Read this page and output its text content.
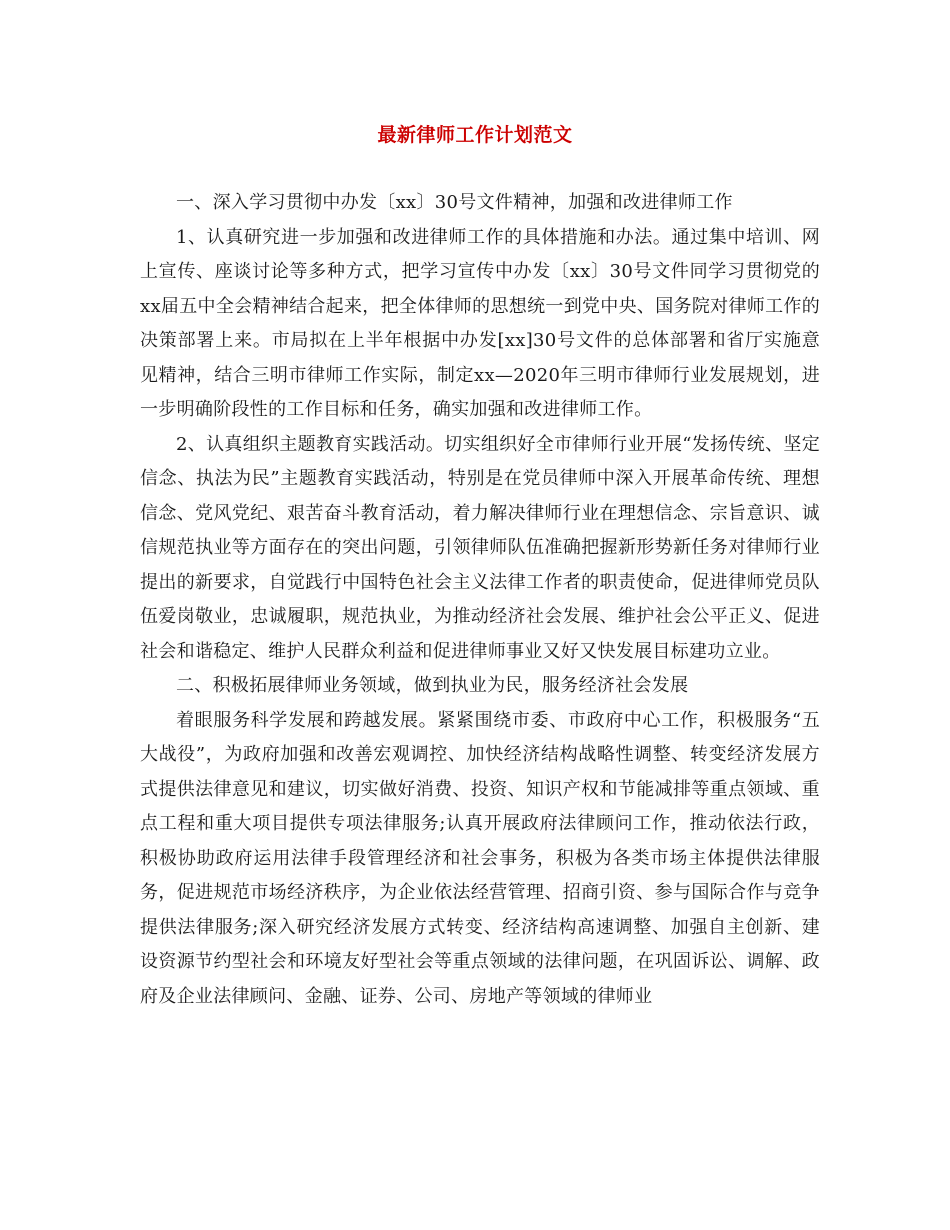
最新律师工作计划范文

一、深入学习贯彻中办发〔xx〕30号文件精神，加强和改进律师工作

1、认真研究进一步加强和改进律师工作的具体措施和办法。通过集中培训、网上宣传、座谈讨论等多种方式，把学习宣传中办发〔xx〕30号文件同学习贯彻党的xx届五中全会精神结合起来，把全体律师的思想统一到党中央、国务院对律师工作的决策部署上来。市局拟在上半年根据中办发[xx]30号文件的总体部署和省厅实施意见精神，结合三明市律师工作实际，制定xx—2020年三明市律师行业发展规划，进一步明确阶段性的工作目标和任务，确实加强和改进律师工作。

2、认真组织主题教育实践活动。切实组织好全市律师行业开展“发扬传统、坚定信念、执法为民”主题教育实践活动，特别是在党员律师中深入开展革命传统、理想信念、党风党纪、艰苦奋斗教育活动，着力解决律师行业在理想信念、宗旨意识、诚信规范执业等方面存在的突出问题，引领律师队伍准确把握新形势新任务对律师行业提出的新要求，自觉践行中国特色社会主义法律工作者的职责使命，促进律师党员队伍爱岗敬业，忠诚履职，规范执业，为推动经济社会发展、维护社会公平正义、促进社会和谐稳定、维护人民群众利益和促进律师事业又好又快发展目标建功立业。

二、积极拓展律师业务领域，做到执业为民，服务经济社会发展

着眼服务科学发展和跨越发展。紧紧围绕市委、市政府中心工作，积极服务“五大战役”，为政府加强和改善宏观调控、加快经济结构战略性调整、转变经济发展方式提供法律意见和建议，切实做好消费、投资、知识产权和节能减排等重点领域、重点工程和重大项目提供专项法律服务;认真开展政府法律顾问工作，推动依法行政，积极协助政府运用法律手段管理经济和社会事务，积极为各类市场主体提供法律服务，促进规范市场经济秩序，为企业依法经营管理、招商引资、参与国际合作与竞争提供法律服务;深入研究经济发展方式转变、经济结构高速调整、加强自主创新、建设资源节约型社会和环境友好型社会等重点领域的法律问题，在巩固诉讼、调解、政府及企业法律顾问、金融、证券、公司、房地产等领域的律师业
